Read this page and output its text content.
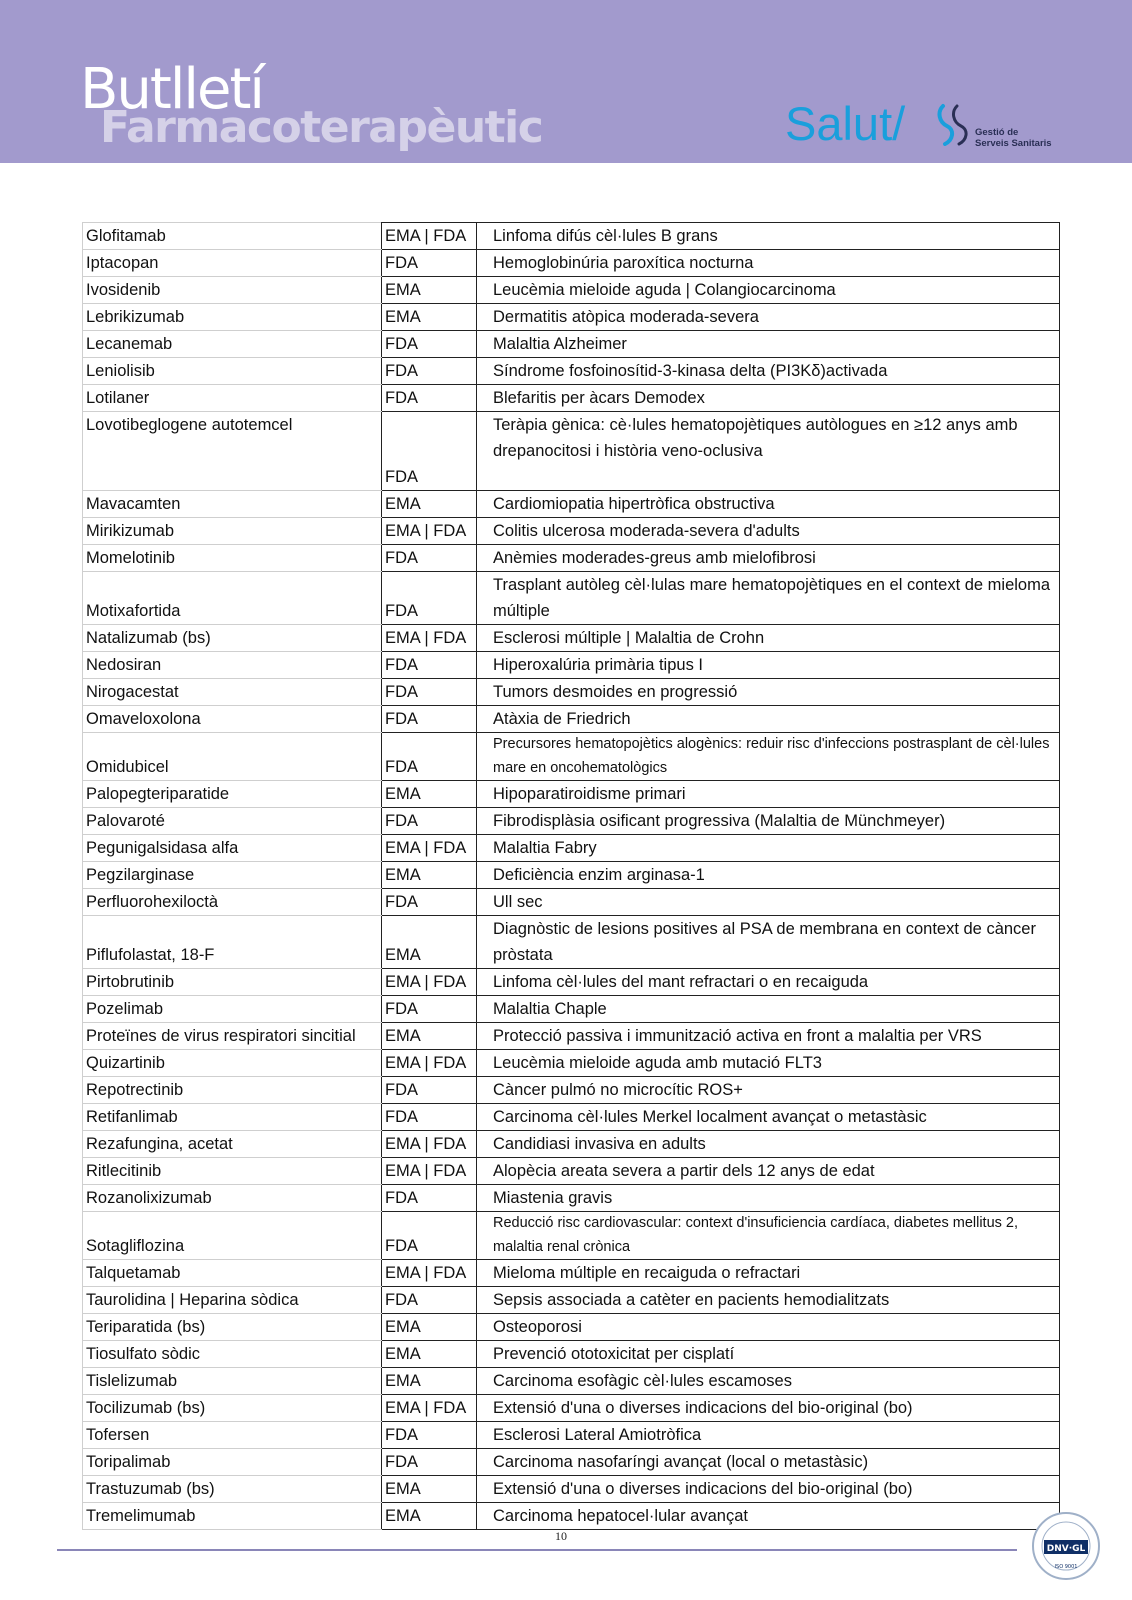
Butlletí
Farmacoterapèutic	Salut/	Gestió de
Serveis Sanitaris
Glofitamab	EMA | FDA	Linfoma difús cèl·lules B grans
Iptacopan	FDA	Hemoglobinúria paroxítica nocturna
Ivosidenib	EMA	Leucèmia mieloide aguda | Colangiocarcinoma
Lebrikizumab	EMA	Dermatitis atòpica moderada-severa
Lecanemab	FDA	Malaltia Alzheimer
Leniolisib	FDA	Síndrome fosfoinosítid-3-kinasa delta (PI3Kδ)activada
Lotilaner	FDA	Blefaritis per àcars Demodex
Lovotibeglogene autotemcel	FDA	Teràpia gènica: cè·lules hematopojètiques autòlogues en ≥12 anys amb drepanocitosi i història veno-oclusiva
Mavacamten	EMA	Cardiomiopatia hipertròfica obstructiva
Mirikizumab	EMA | FDA	Colitis ulcerosa moderada-severa d'adults
Momelotinib	FDA	Anèmies moderades-greus amb mielofibrosi
Motixafortida	FDA	Trasplant autòleg cèl·lulas mare hematopojètiques en el context de mieloma múltiple
Natalizumab (bs)	EMA | FDA	Esclerosi múltiple | Malaltia de Crohn
Nedosiran	FDA	Hiperoxalúria primària tipus I
Nirogacestat	FDA	Tumors desmoides en progressió
Omaveloxolona	FDA	Atàxia de Friedrich
Omidubicel	FDA	Precursores hematopojètics alogènics: reduir risc d'infeccions postrasplant de cèl·lules mare en oncohematològics
Palopegteriparatide	EMA	Hipoparatiroidisme primari
Palovaroté	FDA	Fibrodisplàsia osificant progressiva (Malaltia de Münchmeyer)
Pegunigalsidasa alfa	EMA | FDA	Malaltia Fabry
Pegzilarginase	EMA	Deficiència enzim arginasa-1
Perfluorohexiloctà	FDA	Ull sec
Piflufolastat, 18-F	EMA	Diagnòstic de lesions positives al PSA de membrana en context de càncer pròstata
Pirtobrutinib	EMA | FDA	Linfoma cèl·lules del mant refractari o en recaiguda
Pozelimab	FDA	Malaltia Chaple
Proteïnes de virus respiratori sincitial	EMA	Protecció passiva i immunització activa en front a malaltia per VRS
Quizartinib	EMA | FDA	Leucèmia mieloide aguda amb mutació FLT3
Repotrectinib	FDA	Càncer pulmó no microcític ROS+
Retifanlimab	FDA	Carcinoma cèl·lules Merkel localment avançat o metastàsic
Rezafungina, acetat	EMA | FDA	Candidiasi invasiva en adults
Ritlecitinib	EMA | FDA	Alopècia areata severa a partir dels 12 anys de edat
Rozanolixizumab	FDA	Miastenia gravis
Sotagliflozina	FDA	Reducció risc cardiovascular: context d'insuficiencia cardíaca, diabetes mellitus 2, malaltia renal crònica
Talquetamab	EMA | FDA	Mieloma múltiple en recaiguda o refractari
Taurolidina | Heparina sòdica	FDA	Sepsis associada a catèter en pacients hemodialitzats
Teriparatida (bs)	EMA	Osteoporosi
Tiosulfato sòdic	EMA	Prevenció ototoxicitat per cisplatí
Tislelizumab	EMA	Carcinoma esofàgic cèl·lules escamoses
Tocilizumab (bs)	EMA | FDA	Extensió d'una o diverses indicacions del bio-original (bo)
Tofersen	FDA	Esclerosi Lateral Amiotròfica
Toripalimab	FDA	Carcinoma nasofaríngi avançat (local o metastàsic)
Trastuzumab (bs)	EMA	Extensió d'una o diverses indicacions del bio-original (bo)
Tremelimumab	EMA	Carcinoma hepatocel·lular avançat
10
DNV·GL
ISO 9001
